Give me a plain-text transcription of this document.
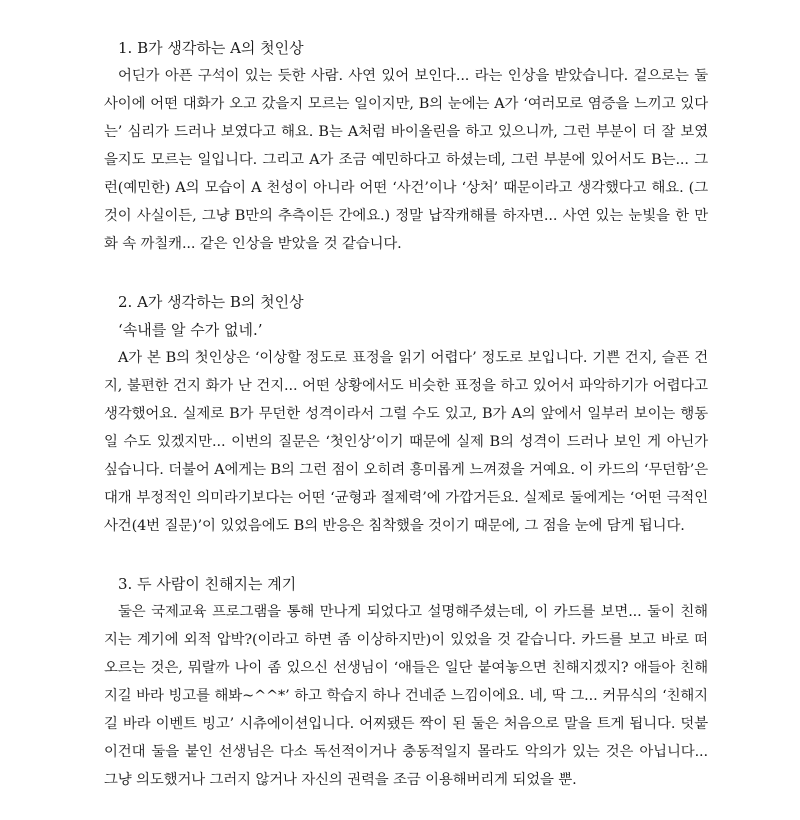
1. B가 생각하는 A의 첫인상

어딘가 아픈 구석이 있는 듯한 사람. 사연 있어 보인다... 라는 인상을 받았습니다. 겉으로는 둘 사이에 어떤 대화가 오고 갔을지 모르는 일이지만, B의 눈에는 A가 ‘여러모로 염증을 느끼고 있다는’ 심리가 드러나 보였다고 해요. B는 A처럼 바이올린을 하고 있으니까, 그런 부분이 더 잘 보였을지도 모르는 일입니다. 그리고 A가 조금 예민하다고 하셨는데, 그런 부분에 있어서도 B는... 그런(예민한) A의 모습이 A 천성이 아니라 어떤 ‘사건’이나 ‘상처’ 때문이라고 생각했다고 해요. (그것이 사실이든, 그냥 B만의 추측이든 간에요.) 정말 납작캐해를 하자면... 사연 있는 눈빛을 한 만화 속 까칠캐... 같은 인상을 받았을 것 같습니다.

2. A가 생각하는 B의 첫인상

‘속내를 알 수가 없네.’

A가 본 B의 첫인상은 ‘이상할 정도로 표정을 읽기 어렵다’ 정도로 보입니다. 기쁜 건지, 슬픈 건지, 불편한 건지 화가 난 건지... 어떤 상황에서도 비슷한 표정을 하고 있어서 파악하기가 어렵다고 생각했어요. 실제로 B가 무던한 성격이라서 그럴 수도 있고, B가 A의 앞에서 일부러 보이는 행동일 수도 있겠지만... 이번의 질문은 ‘첫인상’이기 때문에 실제 B의 성격이 드러나 보인 게 아닌가 싶습니다. 더불어 A에게는 B의 그런 점이 오히려 흥미롭게 느껴졌을 거예요. 이 카드의 ‘무던함’은 대개 부정적인 의미라기보다는 어떤 ‘균형과 절제력’에 가깝거든요. 실제로 둘에게는 ‘어떤 극적인 사건(4번 질문)’이 있었음에도 B의 반응은 침착했을 것이기 때문에, 그 점을 눈에 담게 됩니다.

3. 두 사람이 친해지는 계기

둘은 국제교육 프로그램을 통해 만나게 되었다고 설명해주셨는데, 이 카드를 보면... 둘이 친해지는 계기에 외적 압박?(이라고 하면 좀 이상하지만)이 있었을 것 같습니다. 카드를 보고 바로 떠오르는 것은, 뭐랄까 나이 좀 있으신 선생님이 ‘애들은 일단 붙여놓으면 친해지겠지? 애들아 친해지길 바라 빙고를 해봐~^^*’ 하고 학습지 하나 건네준 느낌이에요. 네, 딱 그... 커뮤식의 ‘친해지길 바라 이벤트 빙고’ 시츄에이션입니다. 어찌됐든 짝이 된 둘은 처음으로 말을 트게 됩니다. 덧붙이건대 둘을 붙인 선생님은 다소 독선적이거나 충동적일지 몰라도 악의가 있는 것은 아닙니다... 그냥 의도했거나 그러지 않거나 자신의 권력을 조금 이용해버리게 되었을 뿐.
